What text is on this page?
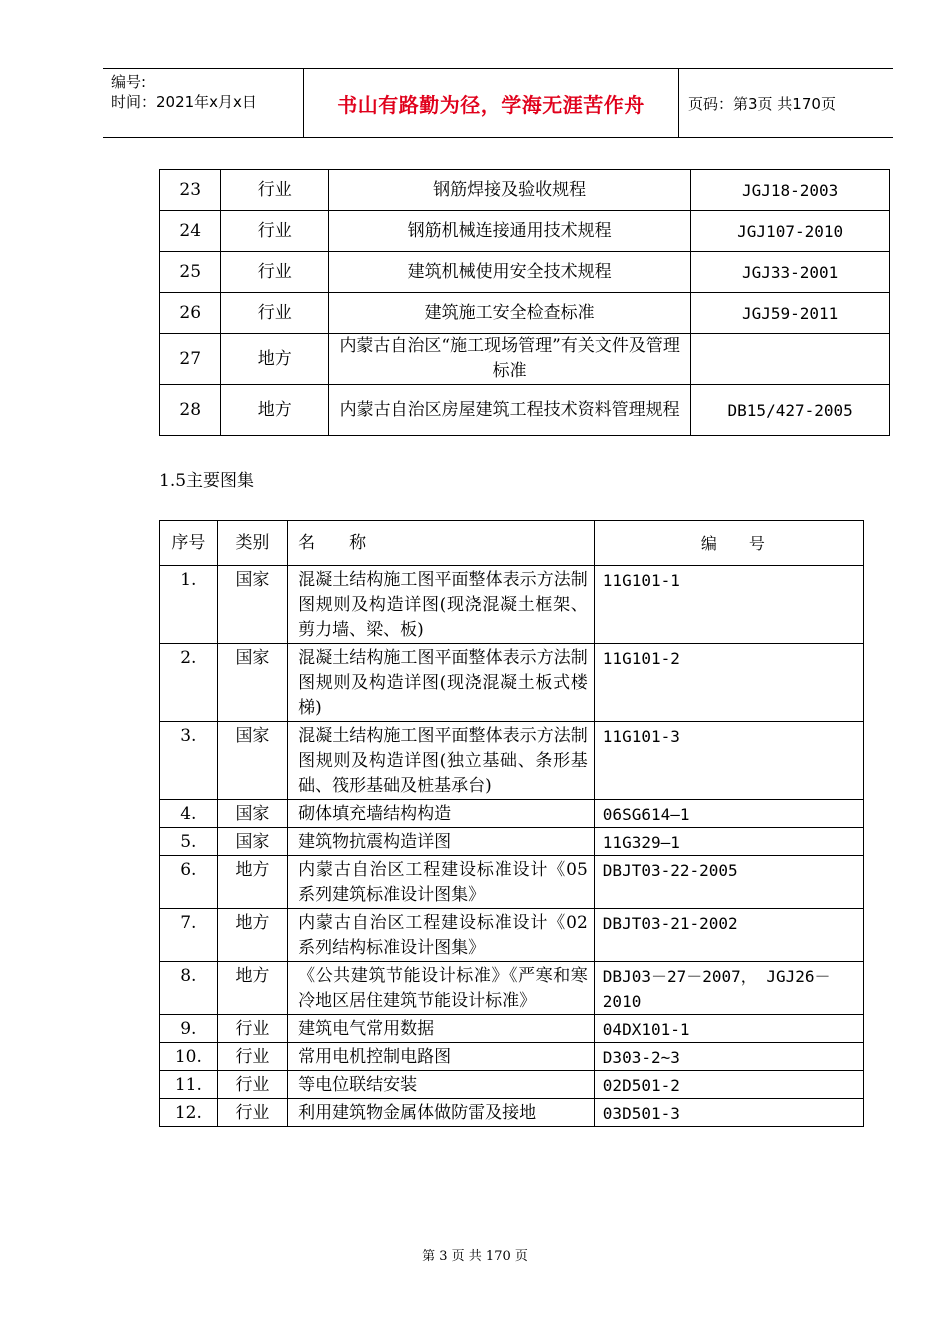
编号:
时间：2021年x月x日	书山有路勤为径，学海无涯苦作舟	页码：第3页 共170页
23	行业	钢筋焊接及验收规程	JGJ18-2003
24	行业	钢筋机械连接通用技术规程	JGJ107-2010
25	行业	建筑机械使用安全技术规程	JGJ33-2001
26	行业	建筑施工安全检查标准	JGJ59-2011
27	地方	内蒙古自治区“施工现场管理”有关文件及管理标准	
28	地方	内蒙古自治区房屋建筑工程技术资料管理规程	DB15/427-2005
1.5主要图集
序号	类别	名　　称	编　　号
1.	国家	混凝土结构施工图平面整体表示方法制图规则及构造详图(现浇混凝土框架、剪力墙、梁、板)	11G101-1
2.	国家	混凝土结构施工图平面整体表示方法制图规则及构造详图(现浇混凝土板式楼梯)	11G101-2
3.	国家	混凝土结构施工图平面整体表示方法制图规则及构造详图(独立基础、条形基础、筏形基础及桩基承台)	11G101-3
4.	国家	砌体填充墙结构构造	06SG614—1
5.	国家	建筑物抗震构造详图	11G329—1
6.	地方	内蒙古自治区工程建设标准设计《05系列建筑标准设计图集》	DBJT03-22-2005
7.	地方	内蒙古自治区工程建设标准设计《02系列结构标准设计图集》	DBJT03-21-2002
8.	地方	《公共建筑节能设计标准》《严寒和寒冷地区居住建筑节能设计标准》	DBJ03－27－2007， JGJ26－2010
9.	行业	建筑电气常用数据	04DX101-1
10.	行业	常用电机控制电路图	D303-2~3
11.	行业	等电位联结安装	02D501-2
12.	行业	利用建筑物金属体做防雷及接地	03D501-3
第 3 页 共 170 页
